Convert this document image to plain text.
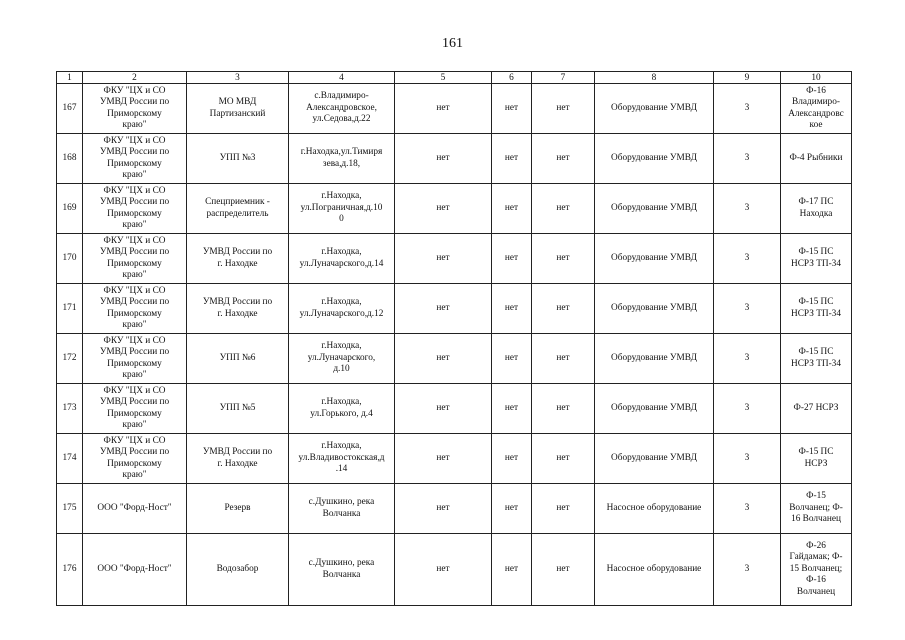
161
1	2	3	4	5	6	7	8	9	10

167	ФКУ "ЦХ и СО
УМВД России по
Приморскому
краю"	МО МВД
Партизанский	с.Владимиро-
Александровское,
ул.Седова,д.22	нет	нет	нет	Оборудование УМВД	3	Ф-16
Владимиро-
Александровс
кое

168	ФКУ "ЦХ и СО
УМВД России по
Приморскому
краю"	УПП №3	г.Находка,ул.Тимиря
зева,д.18,	нет	нет	нет	Оборудование УМВД	3	Ф-4 Рыбники

169	ФКУ "ЦХ и СО
УМВД России по
Приморскому
краю"	Спецприемник -
распределитель	г.Находка,
ул.Пограничная,д.10
0	нет	нет	нет	Оборудование УМВД	3	Ф-17 ПС
Находка

170	ФКУ "ЦХ и СО
УМВД России по
Приморскому
краю"	УМВД России по
г. Находке	г.Находка,
ул.Луначарского,д.14	нет	нет	нет	Оборудование УМВД	3	Ф-15 ПС
НСРЗ ТП-34

171	ФКУ "ЦХ и СО
УМВД России по
Приморскому
краю"	УМВД России по
г. Находке	г.Находка,
ул.Луначарского,д.12	нет	нет	нет	Оборудование УМВД	3	Ф-15 ПС
НСРЗ ТП-34

172	ФКУ "ЦХ и СО
УМВД России по
Приморскому
краю"	УПП №6	г.Находка,
ул.Луначарского,
д.10	нет	нет	нет	Оборудование УМВД	3	Ф-15 ПС
НСРЗ ТП-34

173	ФКУ "ЦХ и СО
УМВД России по
Приморскому
краю"	УПП №5	г.Находка,
ул.Горького, д.4	нет	нет	нет	Оборудование УМВД	3	Ф-27 НСРЗ

174	ФКУ "ЦХ и СО
УМВД России по
Приморскому
краю"	УМВД России по
г. Находке	г.Находка,
ул.Владивостокская,д
.14	нет	нет	нет	Оборудование УМВД	3	Ф-15 ПС
НСРЗ

175	ООО "Форд-Ност"	Резерв	с.Душкино, река
Волчанка	нет	нет	нет	Насосное оборудование	3	Ф-15
Волчанец; Ф-
16 Волчанец

176	ООО "Форд-Ност"	Водозабор	с.Душкино, река
Волчанка	нет	нет	нет	Насосное оборудование	3	Ф-26
Гайдамак; Ф-
15 Волчанец;
Ф-16
Волчанец
